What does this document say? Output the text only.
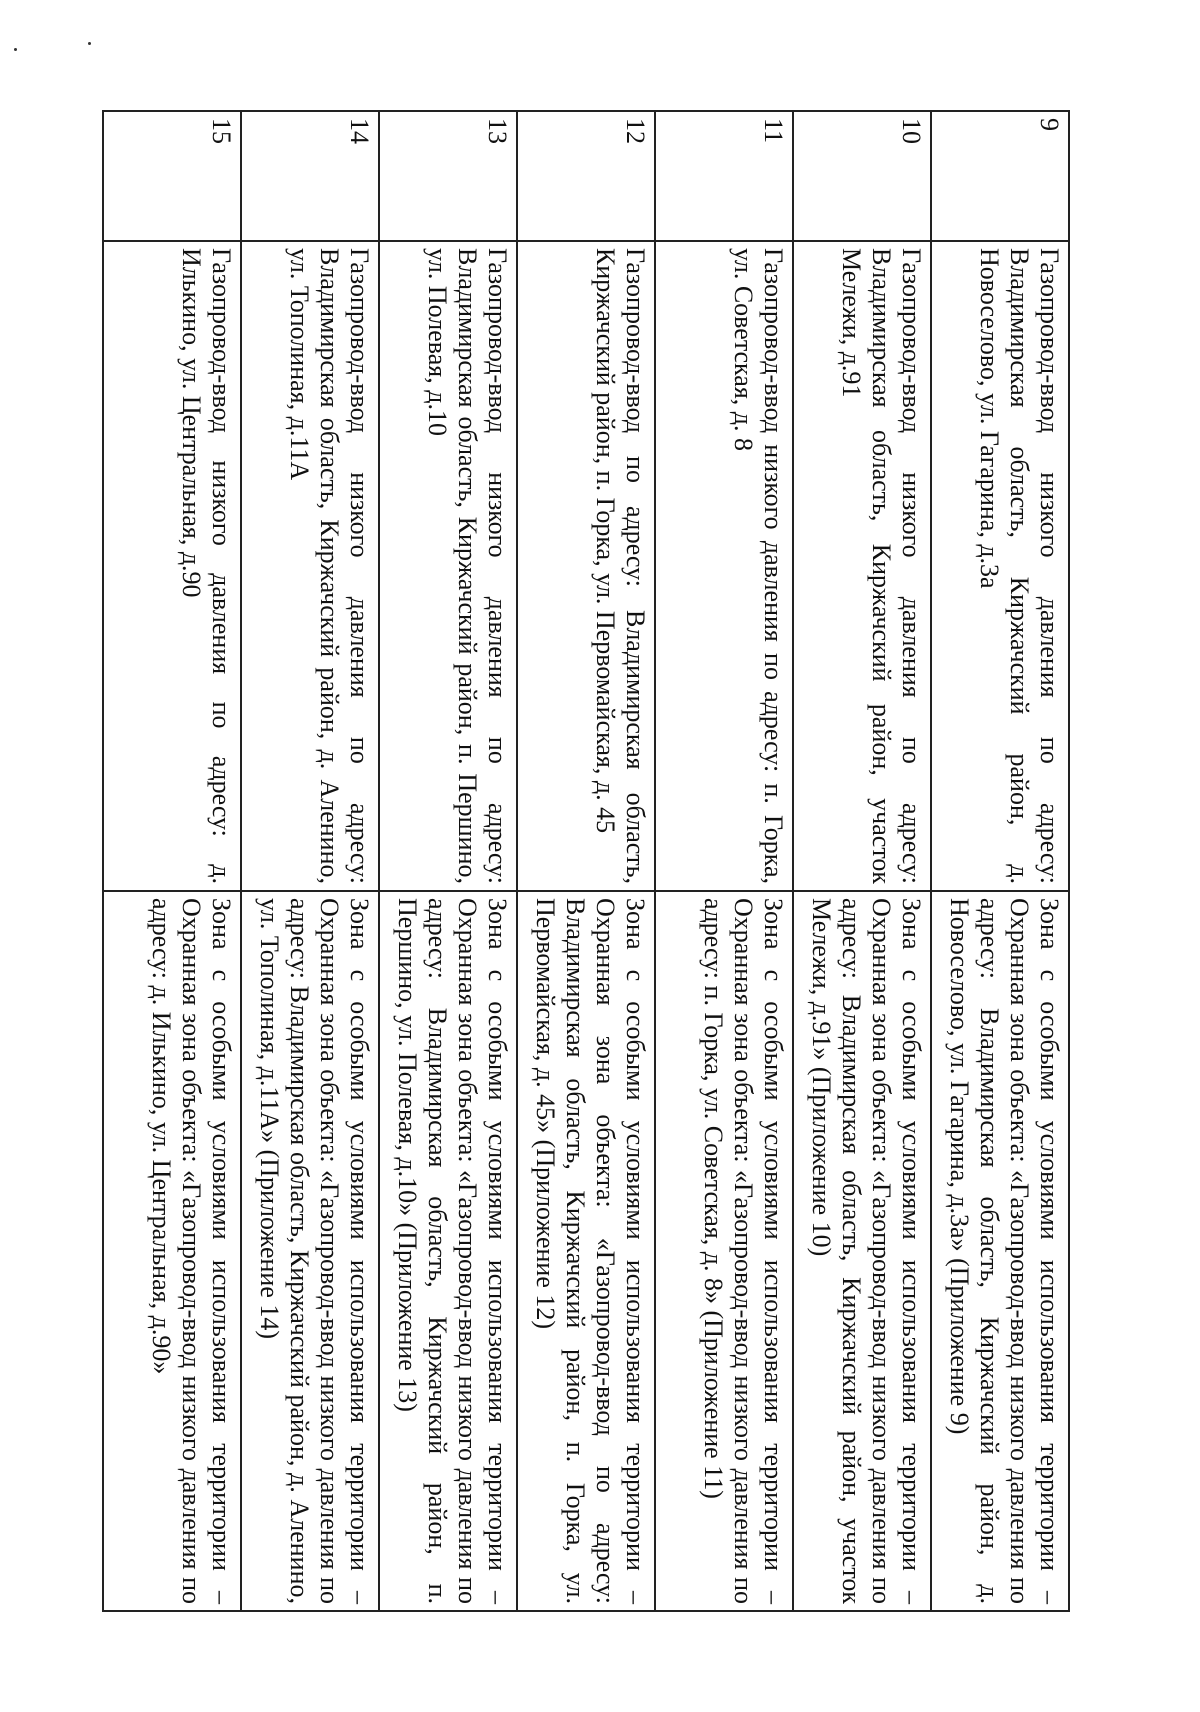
9	Газопровод-ввод низкого давления по адресу: Владимирская область, Киржачский район, д. Новоселово, ул. Гагарина, д.3а	Зона с особыми условиями использования территории – Охранная зона объекта: «Газопровод-ввод низкого давления по адресу: Владимирская область, Киржачский район, д. Новоселово, ул. Гагарина, д.3а» (Приложение 9)
10	Газопровод-ввод низкого давления по адресу: Владимирская область, Киржачский район, участок Мележи, д.91	Зона с особыми условиями использования территории – Охранная зона объекта: «Газопровод-ввод низкого давления по адресу: Владимирская область, Киржачский район, участок Мележи, д.91» (Приложение 10)
11	Газопровод-ввод низкого давления по адресу: п. Горка, ул. Советская, д. 8	Зона с особыми условиями использования территории – Охранная зона объекта: «Газопровод-ввод низкого давления по адресу: п. Горка, ул. Советская, д. 8» (Приложение 11)
12	Газопровод-ввод по адресу: Владимирская область, Киржачский район, п. Горка, ул. Первомайская, д. 45	Зона с особыми условиями использования территории – Охранная зона объекта: «Газопровод-ввод по адресу: Владимирская область, Киржачский район, п. Горка, ул. Первомайская, д. 45» (Приложение 12)
13	Газопровод-ввод низкого давления по адресу: Владимирская область, Киржачский район, п. Першино, ул. Полевая, д.10	Зона с особыми условиями использования территории – Охранная зона объекта: «Газопровод-ввод низкого давления по адресу: Владимирская область, Киржачский район, п. Першино, ул. Полевая, д.10» (Приложение 13)
14	Газопровод-ввод низкого давления по адресу: Владимирская область, Киржачский район, д. Аленино, ул. Тополиная, д.11А	Зона с особыми условиями использования территории – Охранная зона объекта: «Газопровод-ввод низкого давления по адресу: Владимирская область, Киржачский район, д. Аленино, ул. Тополиная, д.11А» (Приложение 14)
15	Газопровод-ввод низкого давления по адресу: д. Илькино, ул. Центральная, д.90	Зона с особыми условиями использования территории – Охранная зона объекта: «Газопровод-ввод низкого давления по адресу: д. Илькино, ул. Центральная, д.90»
